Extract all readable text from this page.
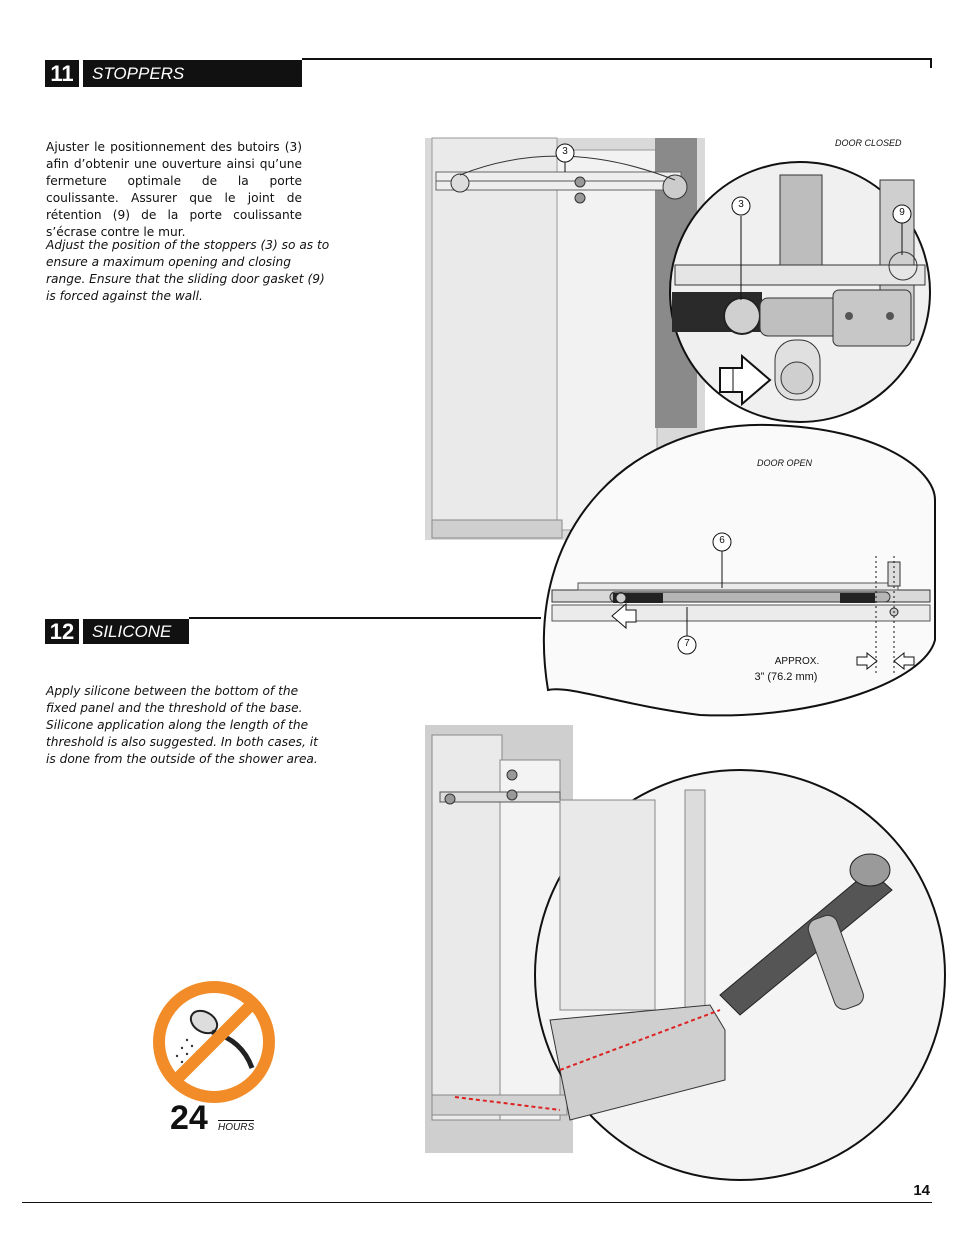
11	STOPPERS

Ajuster le positionnement des butoirs (3) afin d’obtenir une ouverture ainsi qu’une fermeture optimale de la porte coulissante. Assurer que le joint de rétention (9) de la porte coulissante s’écrase contre le mur.

Adjust the position of the stoppers (3) so as to ensure a maximum opening and closing range. Ensure that the sliding door gasket (9) is forced against the wall.

3
3
9
6
7
DOOR CLOSED
DOOR OPEN
APPROX.
3” (76.2 mm)
12	SILICONE

Apply silicone between the bottom of the fixed panel and the threshold of the base. Silicone application along the length of the threshold is also suggested. In both cases, it is done from the outside of the shower area.

24 HOURS
14
